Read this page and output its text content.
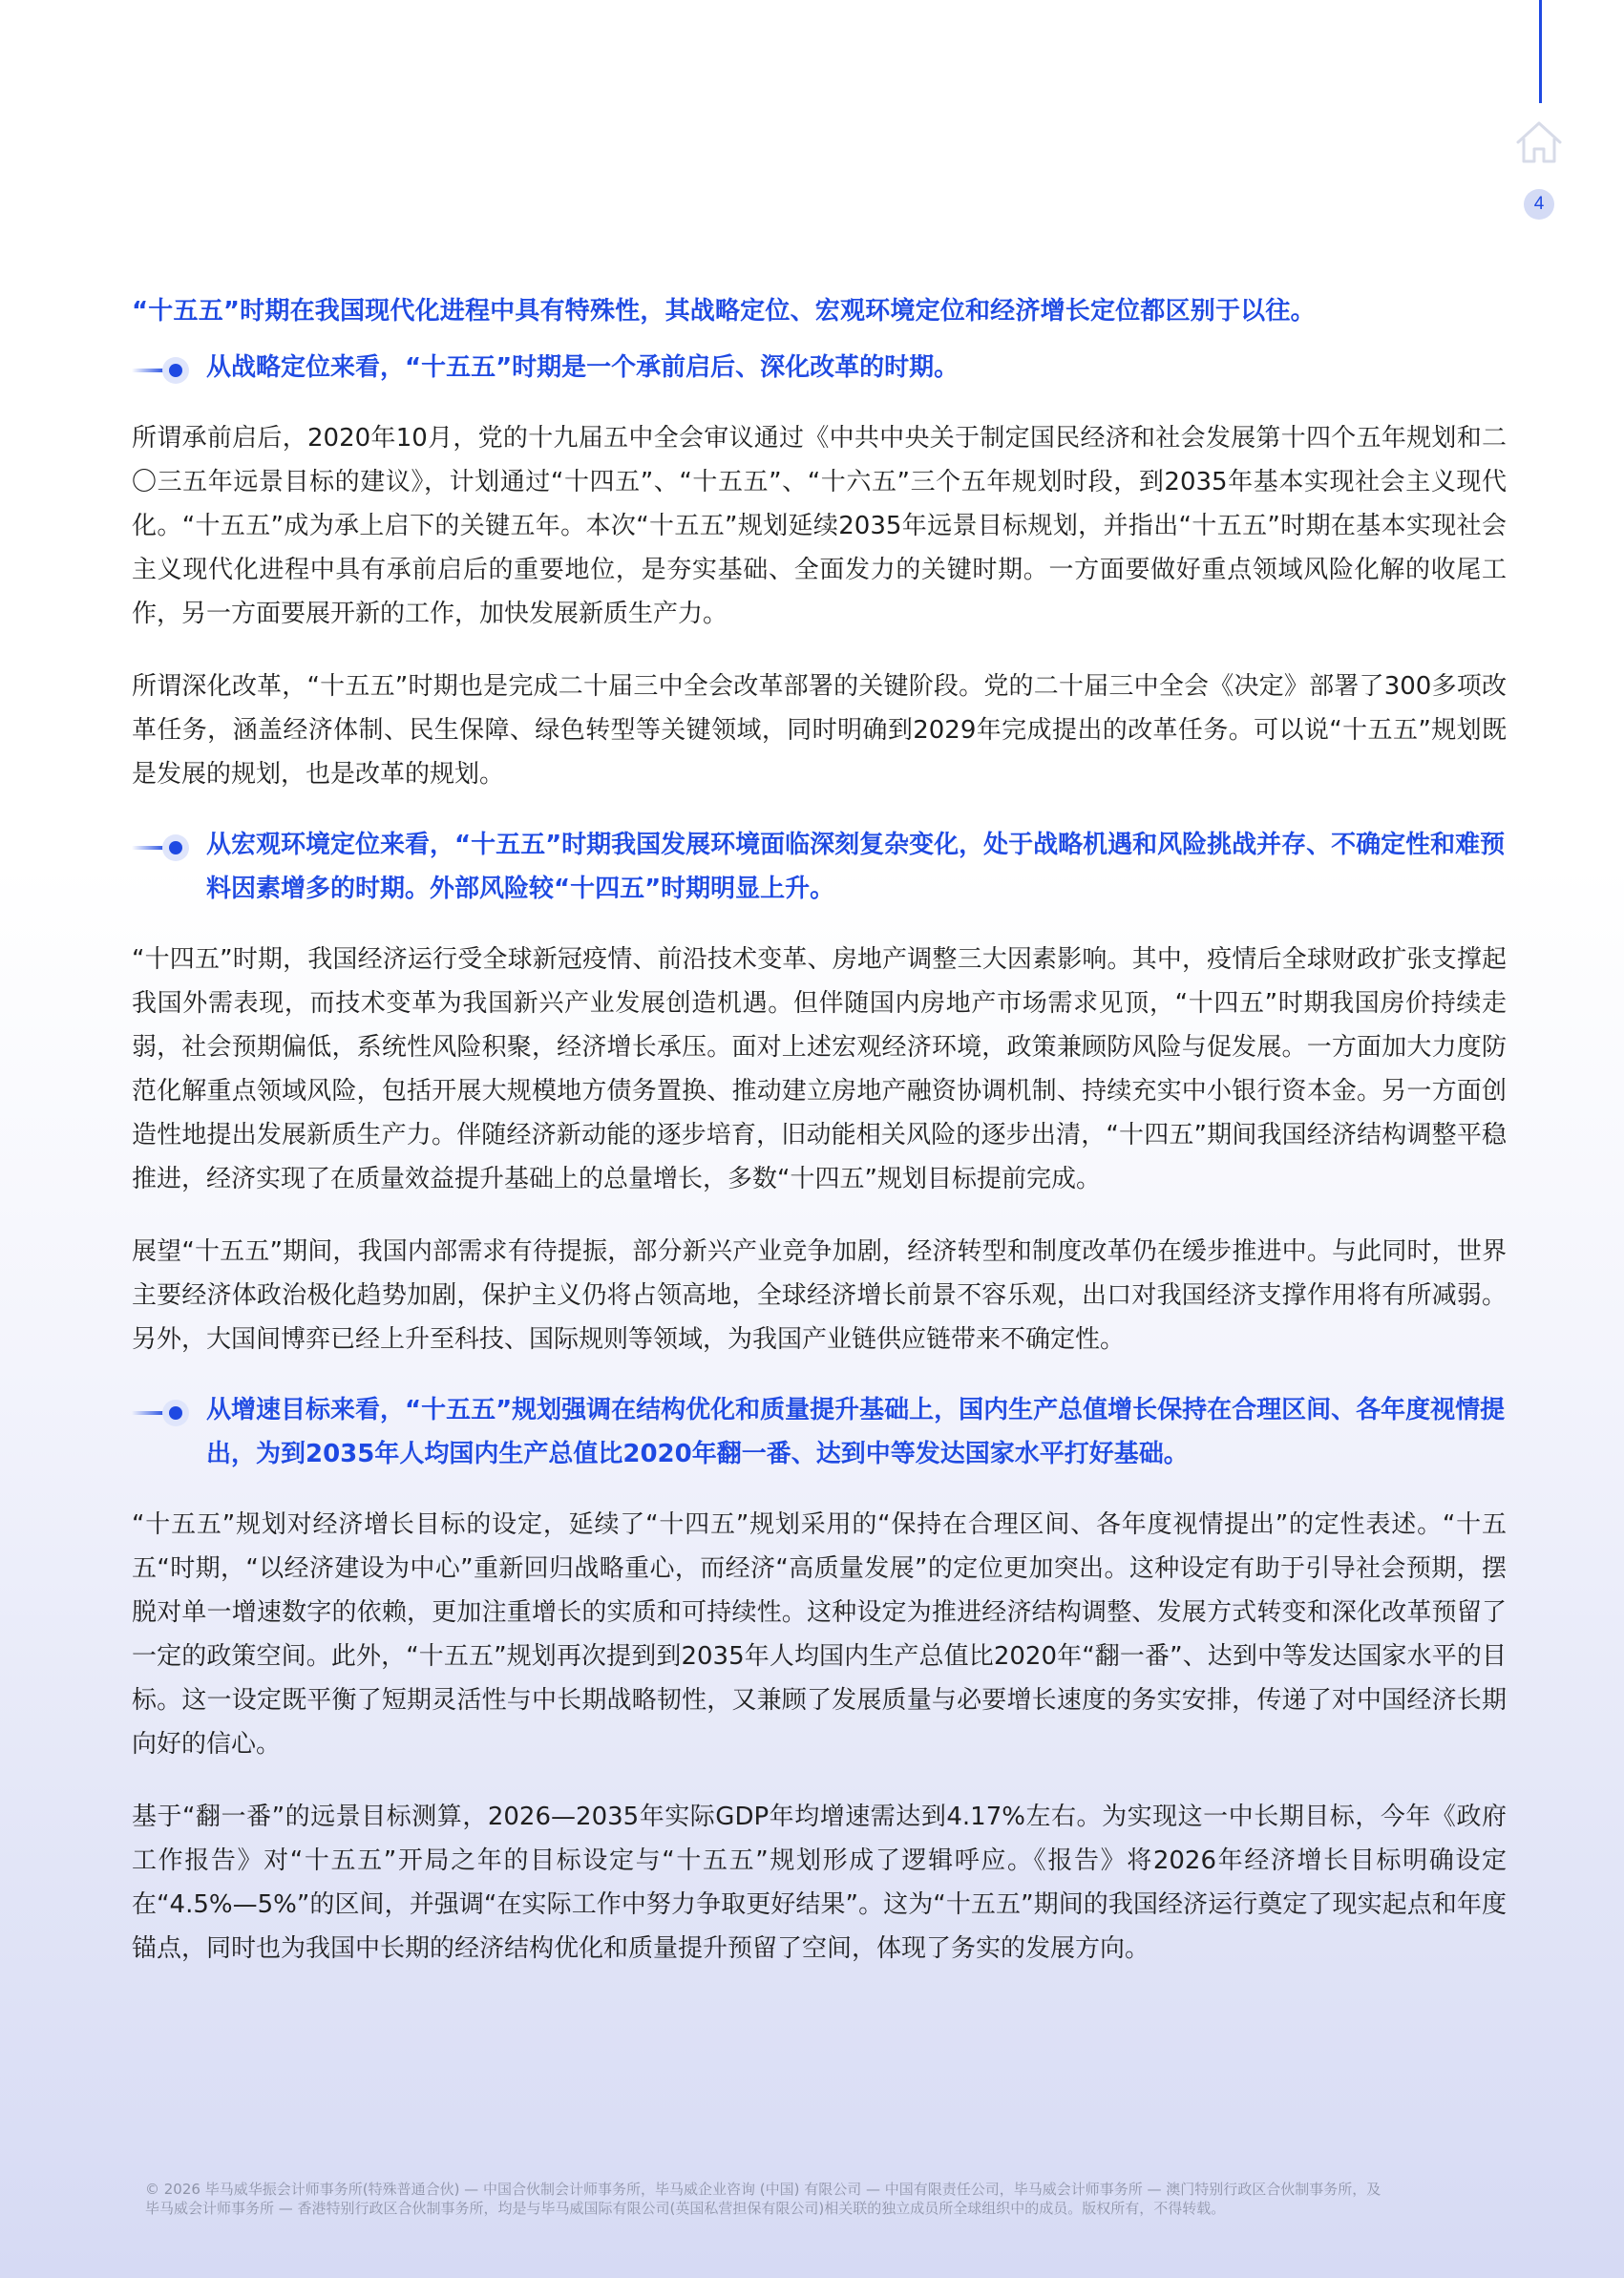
4

“十五五”时期在我国现代化进程中具有特殊性，其战略定位、宏观环境定位和经济增长定位都区别于以往。

从战略定位来看，“十五五”时期是一个承前启后、深化改革的时期。

所谓承前启后，2020年10月，党的十九届五中全会审议通过《中共中央关于制定国民经济和社会发展第十四个五年规划和二〇三五年远景目标的建议》，计划通过“十四五”、“十五五”、“十六五”三个五年规划时段，到2035年基本实现社会主义现代化。“十五五”成为承上启下的关键五年。本次“十五五”规划延续2035年远景目标规划，并指出“十五五”时期在基本实现社会主义现代化进程中具有承前启后的重要地位，是夯实基础、全面发力的关键时期。一方面要做好重点领域风险化解的收尾工作，另一方面要展开新的工作，加快发展新质生产力。

所谓深化改革，“十五五”时期也是完成二十届三中全会改革部署的关键阶段。党的二十届三中全会《决定》部署了300多项改革任务，涵盖经济体制、民生保障、绿色转型等关键领域，同时明确到2029年完成提出的改革任务。可以说“十五五”规划既是发展的规划，也是改革的规划。

从宏观环境定位来看，“十五五”时期我国发展环境面临深刻复杂变化，处于战略机遇和风险挑战并存、不确定性和难预料因素增多的时期。外部风险较“十四五”时期明显上升。

“十四五”时期，我国经济运行受全球新冠疫情、前沿技术变革、房地产调整三大因素影响。其中，疫情后全球财政扩张支撑起我国外需表现，而技术变革为我国新兴产业发展创造机遇。但伴随国内房地产市场需求见顶，“十四五”时期我国房价持续走弱，社会预期偏低，系统性风险积聚，经济增长承压。面对上述宏观经济环境，政策兼顾防风险与促发展。一方面加大力度防范化解重点领域风险，包括开展大规模地方债务置换、推动建立房地产融资协调机制、持续充实中小银行资本金。另一方面创造性地提出发展新质生产力。伴随经济新动能的逐步培育，旧动能相关风险的逐步出清，“十四五”期间我国经济结构调整平稳推进，经济实现了在质量效益提升基础上的总量增长，多数“十四五”规划目标提前完成。

展望“十五五”期间，我国内部需求有待提振，部分新兴产业竞争加剧，经济转型和制度改革仍在缓步推进中。与此同时，世界主要经济体政治极化趋势加剧，保护主义仍将占领高地，全球经济增长前景不容乐观，出口对我国经济支撑作用将有所减弱。另外，大国间博弈已经上升至科技、国际规则等领域，为我国产业链供应链带来不确定性。

从增速目标来看，“十五五”规划强调在结构优化和质量提升基础上，国内生产总值增长保持在合理区间、各年度视情提出，为到2035年人均国内生产总值比2020年翻一番、达到中等发达国家水平打好基础。

“十五五”规划对经济增长目标的设定，延续了“十四五”规划采用的“保持在合理区间、各年度视情提出”的定性表述。“十五五“时期，“以经济建设为中心”重新回归战略重心，而经济“高质量发展”的定位更加突出。这种设定有助于引导社会预期，摆脱对单一增速数字的依赖，更加注重增长的实质和可持续性。这种设定为推进经济结构调整、发展方式转变和深化改革预留了一定的政策空间。此外，“十五五”规划再次提到到2035年人均国内生产总值比2020年“翻一番”、达到中等发达国家水平的目标。这一设定既平衡了短期灵活性与中长期战略韧性，又兼顾了发展质量与必要增长速度的务实安排，传递了对中国经济长期向好的信心。

基于“翻一番”的远景目标测算，2026—2035年实际GDP年均增速需达到4.17%左右。为实现这一中长期目标，今年《政府工作报告》对“十五五”开局之年的目标设定与“十五五”规划形成了逻辑呼应。《报告》将2026年经济增长目标明确设定在“4.5%—5%”的区间，并强调“在实际工作中努力争取更好结果”。这为“十五五”期间的我国经济运行奠定了现实起点和年度锚点，同时也为我国中长期的经济结构优化和质量提升预留了空间，体现了务实的发展方向。

© 2026 毕马威华振会计师事务所(特殊普通合伙) — 中国合伙制会计师事务所，毕马威企业咨询 (中国) 有限公司 — 中国有限责任公司，毕马威会计师事务所 — 澳门特别行政区合伙制事务所，及毕马威会计师事务所 — 香港特别行政区合伙制事务所，均是与毕马威国际有限公司(英国私营担保有限公司)相关联的独立成员所全球组织中的成员。版权所有，不得转载。
